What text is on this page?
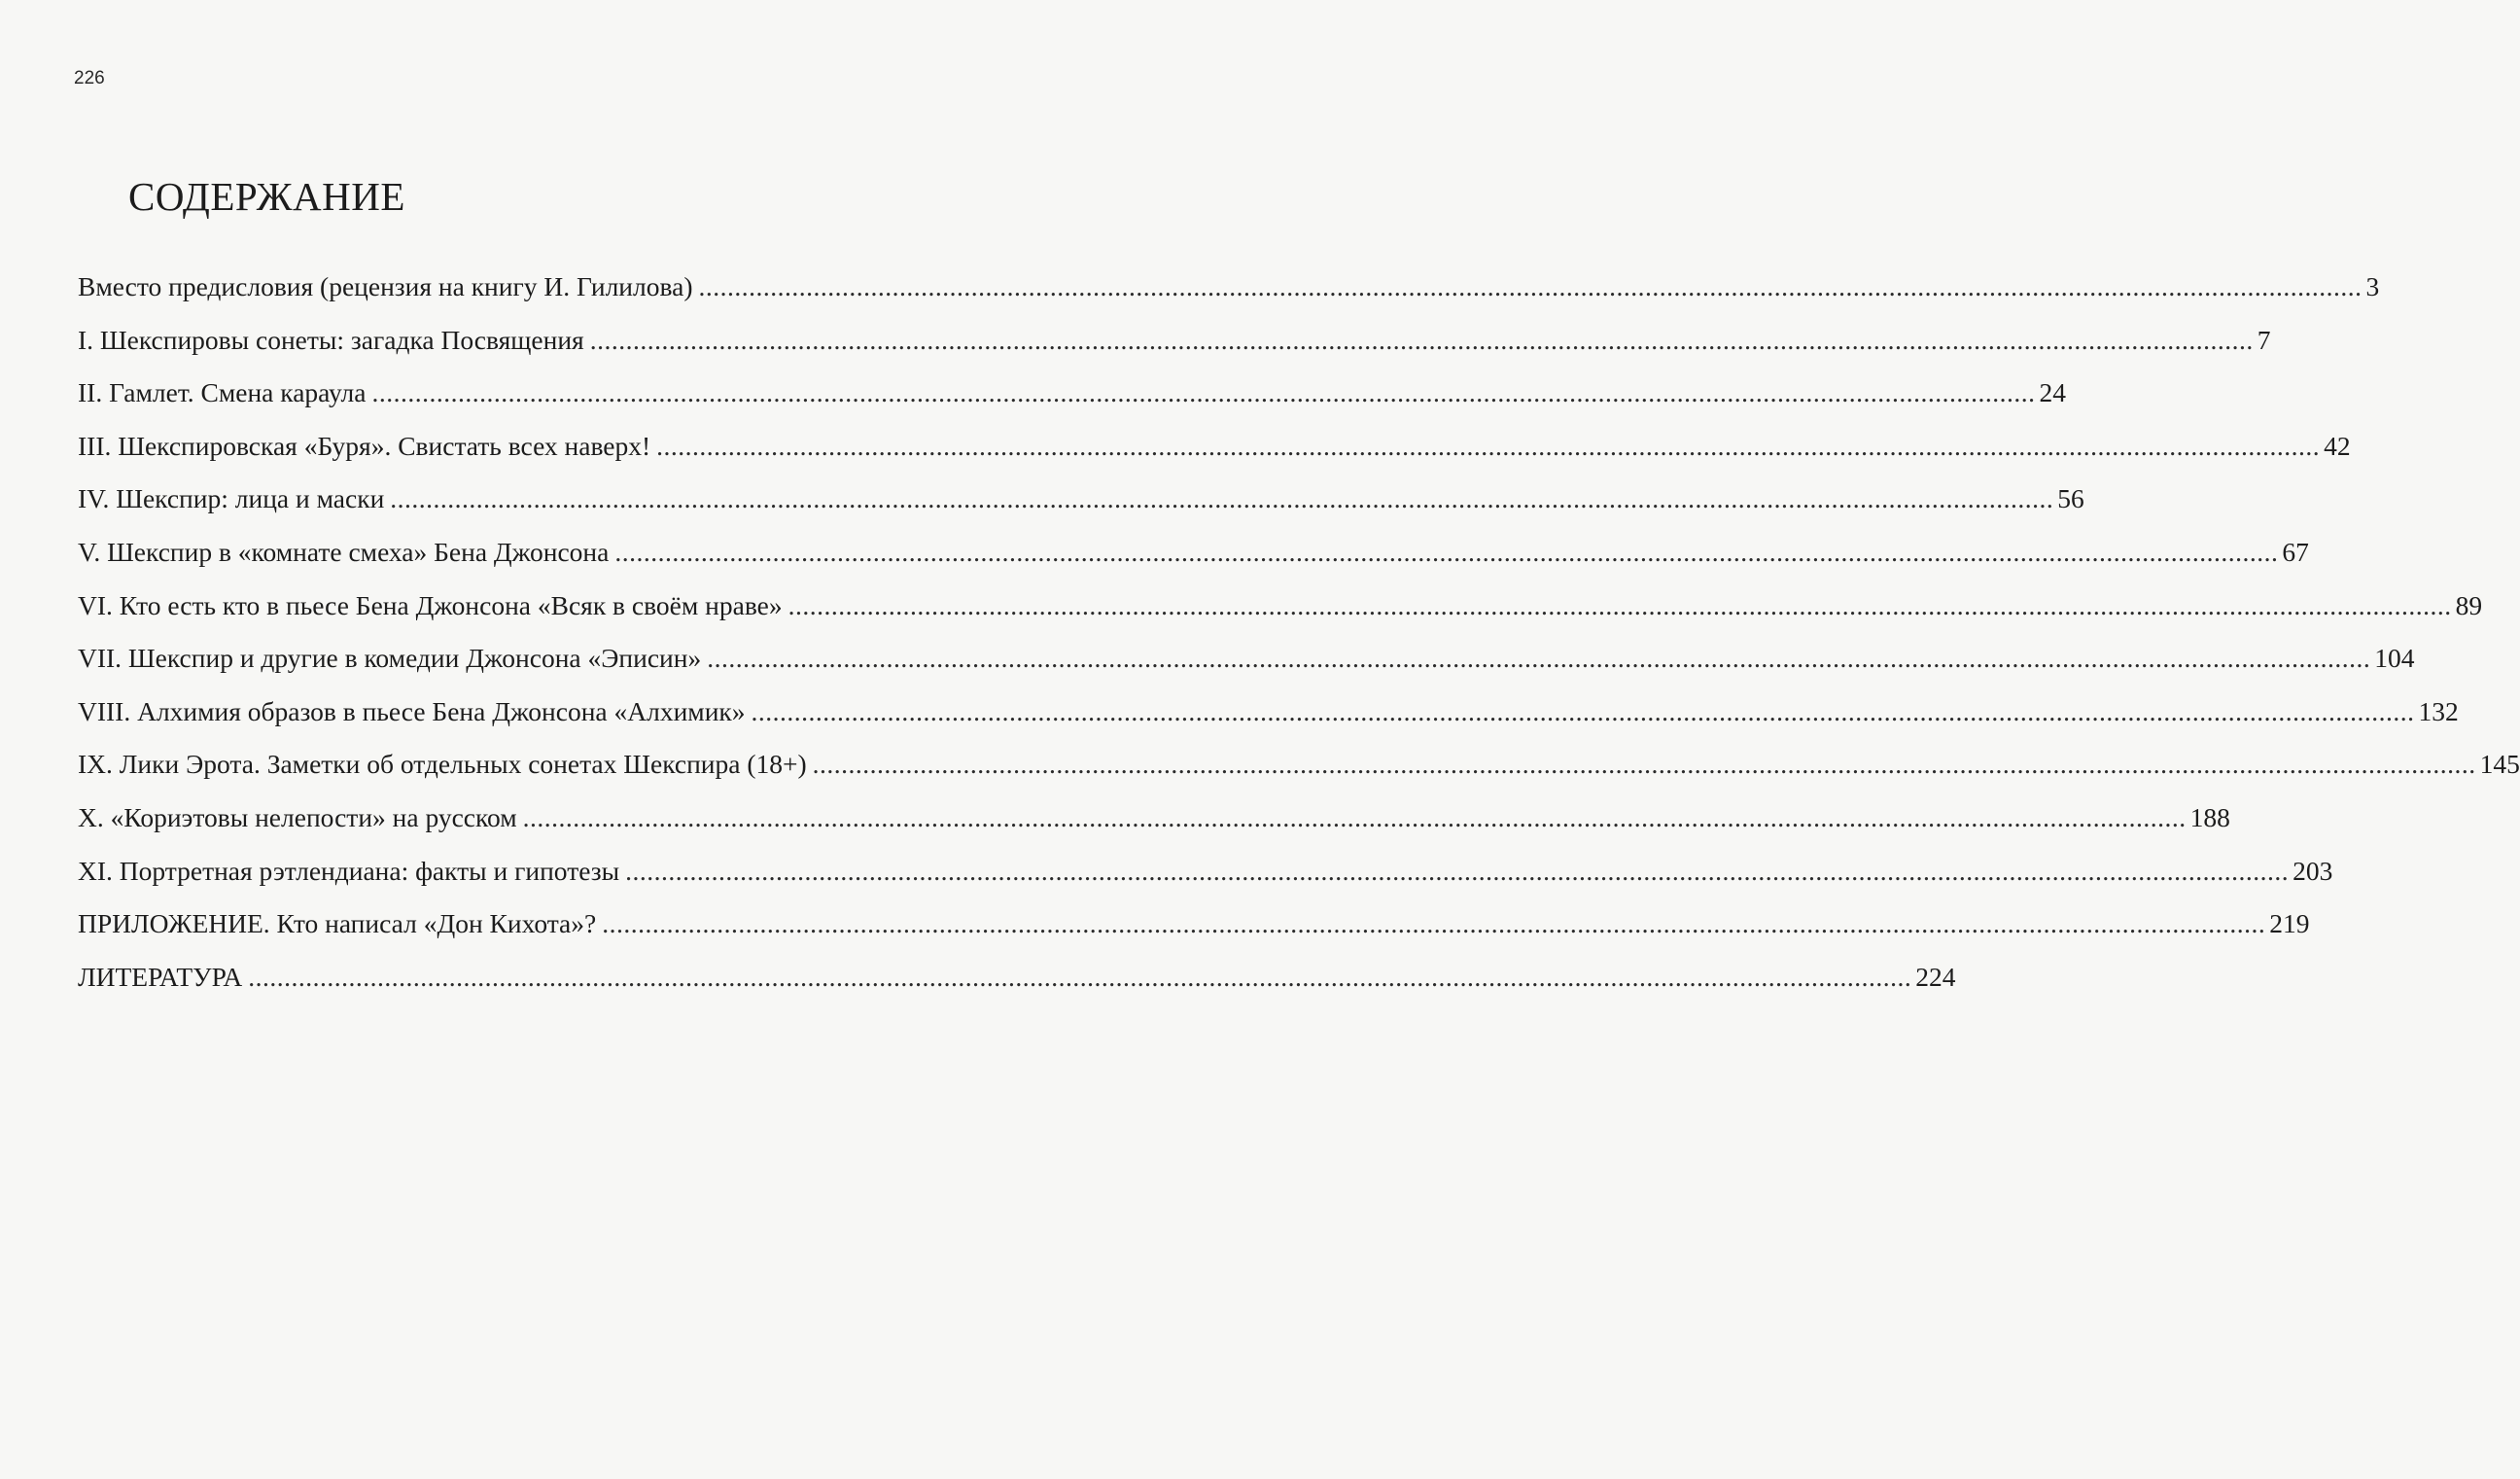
226
СОДЕРЖАНИЕ
Вместо предисловия (рецензия на книгу И. Гилилова) .....	3
I. Шекспировы сонеты: загадка Посвящения .....	7
II. Гамлет. Смена караула .....	24
III. Шекспировская «Буря». Свистать всех наверх! .....	42
IV. Шекспир: лица и маски .....	56
V. Шекспир в «комнате смеха» Бена Джонсона .....	67
VI. Кто есть кто в пьесе Бена Джонсона «Всяк в своём нраве» .....	89
VII. Шекспир и другие в комедии Джонсона «Эписин» .....	104
VIII. Алхимия образов в пьесе Бена Джонсона «Алхимик» .....	132
IX. Лики Эрота. Заметки об отдельных сонетах Шекспира (18+) .....	145
X. «Кориэтовы нелепости» на русском .....	188
XI. Портретная рэтлендиана: факты и гипотезы .....	203
ПРИЛОЖЕНИЕ. Кто написал «Дон Кихота»? .....	219
ЛИТЕРАТУРА .....	224
